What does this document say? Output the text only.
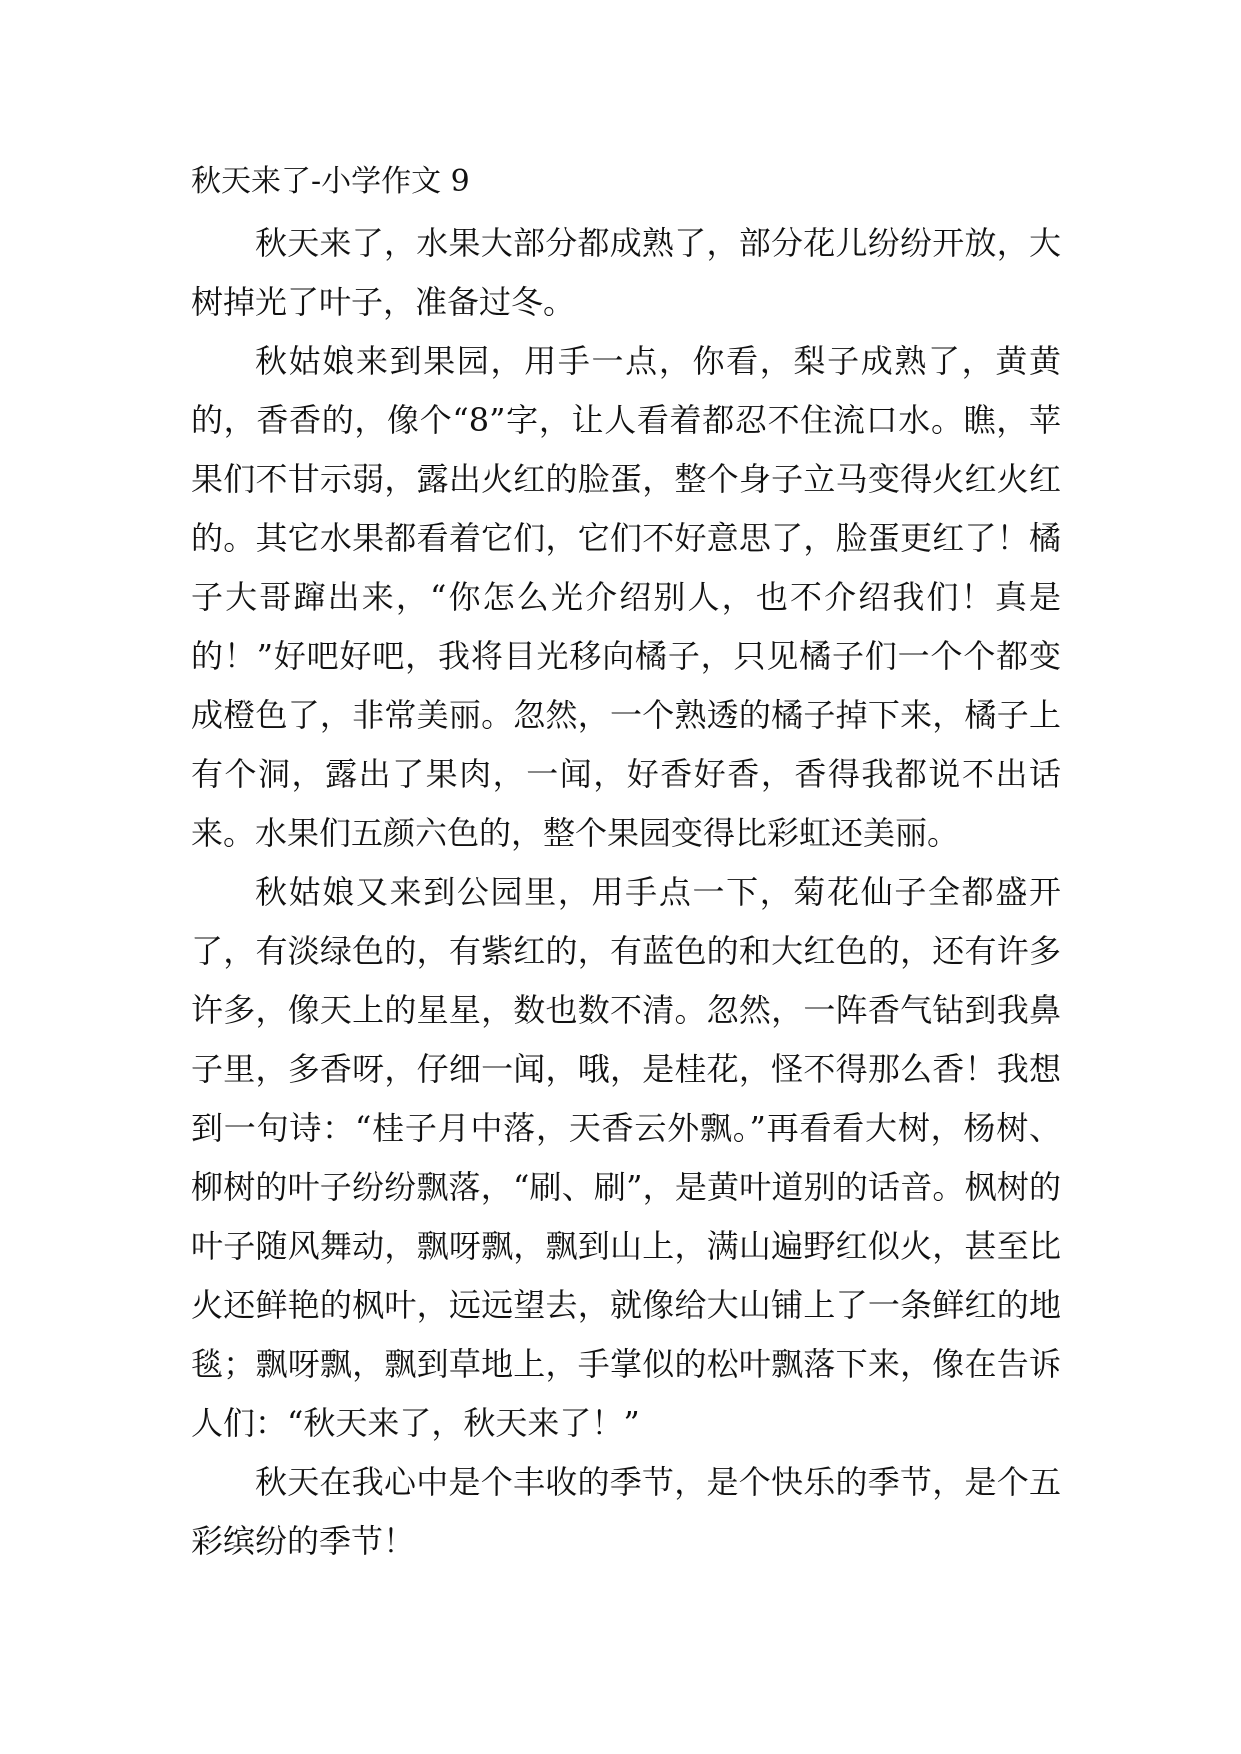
秋天来了-小学作文 9

秋天来了，水果大部分都成熟了，部分花儿纷纷开放，大树掉光了叶子，准备过冬。

秋姑娘来到果园，用手一点，你看，梨子成熟了，黄黄的，香香的，像个“8”字，让人看着都忍不住流口水。瞧，苹果们不甘示弱，露出火红的脸蛋，整个身子立马变得火红火红的。其它水果都看着它们，它们不好意思了，脸蛋更红了！橘子大哥蹿出来，“你怎么光介绍别人，也不介绍我们！真是的！”好吧好吧，我将目光移向橘子，只见橘子们一个个都变成橙色了，非常美丽。忽然，一个熟透的橘子掉下来，橘子上有个洞，露出了果肉，一闻，好香好香，香得我都说不出话来。水果们五颜六色的，整个果园变得比彩虹还美丽。

秋姑娘又来到公园里，用手点一下，菊花仙子全都盛开了，有淡绿色的，有紫红的，有蓝色的和大红色的，还有许多许多，像天上的星星，数也数不清。忽然，一阵香气钻到我鼻子里，多香呀，仔细一闻，哦，是桂花，怪不得那么香！我想到一句诗：“桂子月中落，天香云外飘。”再看看大树，杨树、柳树的叶子纷纷飘落，“刷、刷”，是黄叶道别的话音。枫树的叶子随风舞动，飘呀飘，飘到山上，满山遍野红似火，甚至比火还鲜艳的枫叶，远远望去，就像给大山铺上了一条鲜红的地毯；飘呀飘，飘到草地上，手掌似的松叶飘落下来，像在告诉人们：“秋天来了，秋天来了！”

秋天在我心中是个丰收的季节，是个快乐的季节，是个五彩缤纷的季节！
